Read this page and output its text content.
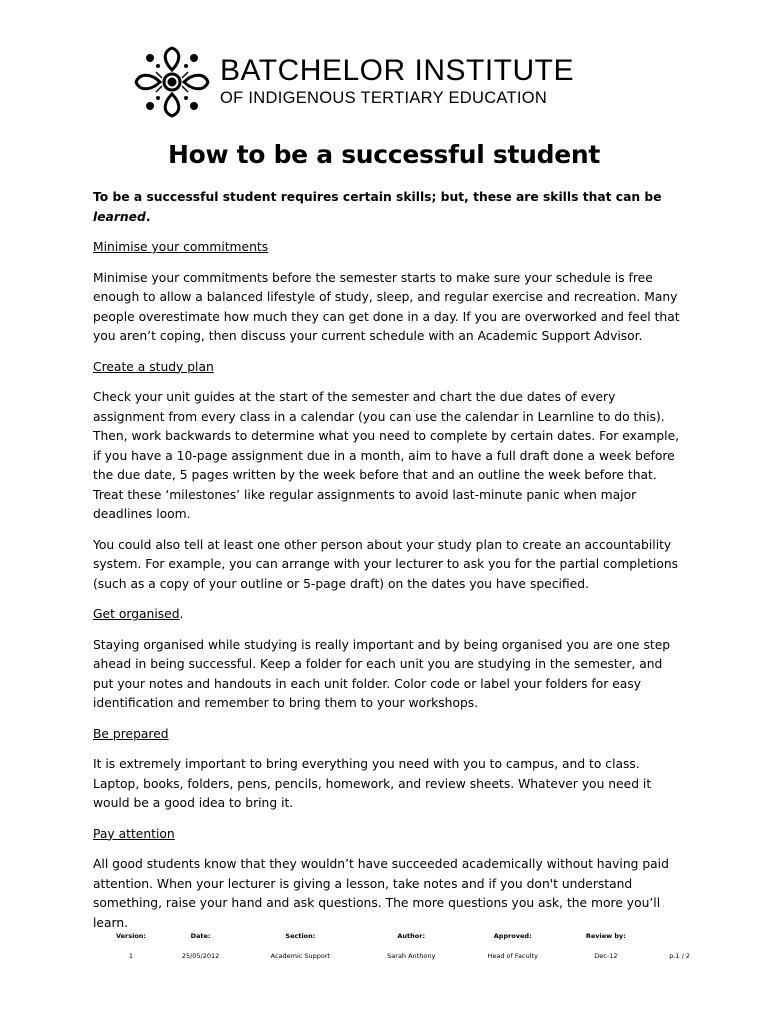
BATCHELOR INSTITUTE
OF INDIGENOUS TERTIARY EDUCATION
How to be a successful student

To be a successful student requires certain skills; but, these are skills that can be learned.

Minimise your commitments

Minimise your commitments before the semester starts to make sure your schedule is free enough to allow a balanced lifestyle of study, sleep, and regular exercise and recreation. Many people overestimate how much they can get done in a day. If you are overworked and feel that you aren’t coping, then discuss your current schedule with an Academic Support Advisor.

Create a study plan

Check your unit guides at the start of the semester and chart the due dates of every assignment from every class in a calendar (you can use the calendar in Learnline to do this). Then, work backwards to determine what you need to complete by certain dates. For example, if you have a 10-page assignment due in a month, aim to have a full draft done a week before the due date, 5 pages written by the week before that and an outline the week before that. Treat these ‘milestones’ like regular assignments to avoid last-minute panic when major deadlines loom.

You could also tell at least one other person about your study plan to create an accountability system. For example, you can arrange with your lecturer to ask you for the partial completions (such as a copy of your outline or 5-page draft) on the dates you have specified.

Get organised.

Staying organised while studying is really important and by being organised you are one step ahead in being successful. Keep a folder for each unit you are studying in the semester, and put your notes and handouts in each unit folder. Color code or label your folders for easy identification and remember to bring them to your workshops.

Be prepared

It is extremely important to bring everything you need with you to campus, and to class. Laptop, books, folders, pens, pencils, homework, and review sheets. Whatever you need it would be a good idea to bring it.

Pay attention

All good students know that they wouldn’t have succeeded academically without having paid attention. When your lecturer is giving a lesson, take notes and if you don't understand something, raise your hand and ask questions. The more questions you ask, the more you’ll learn.

Version:	Date:	Section:	Author:	Approved:	Review by:	
1	25/05/2012	Academic Support	Sarah Anthony	Head of Faculty	Dec-12	p.1 / 2
